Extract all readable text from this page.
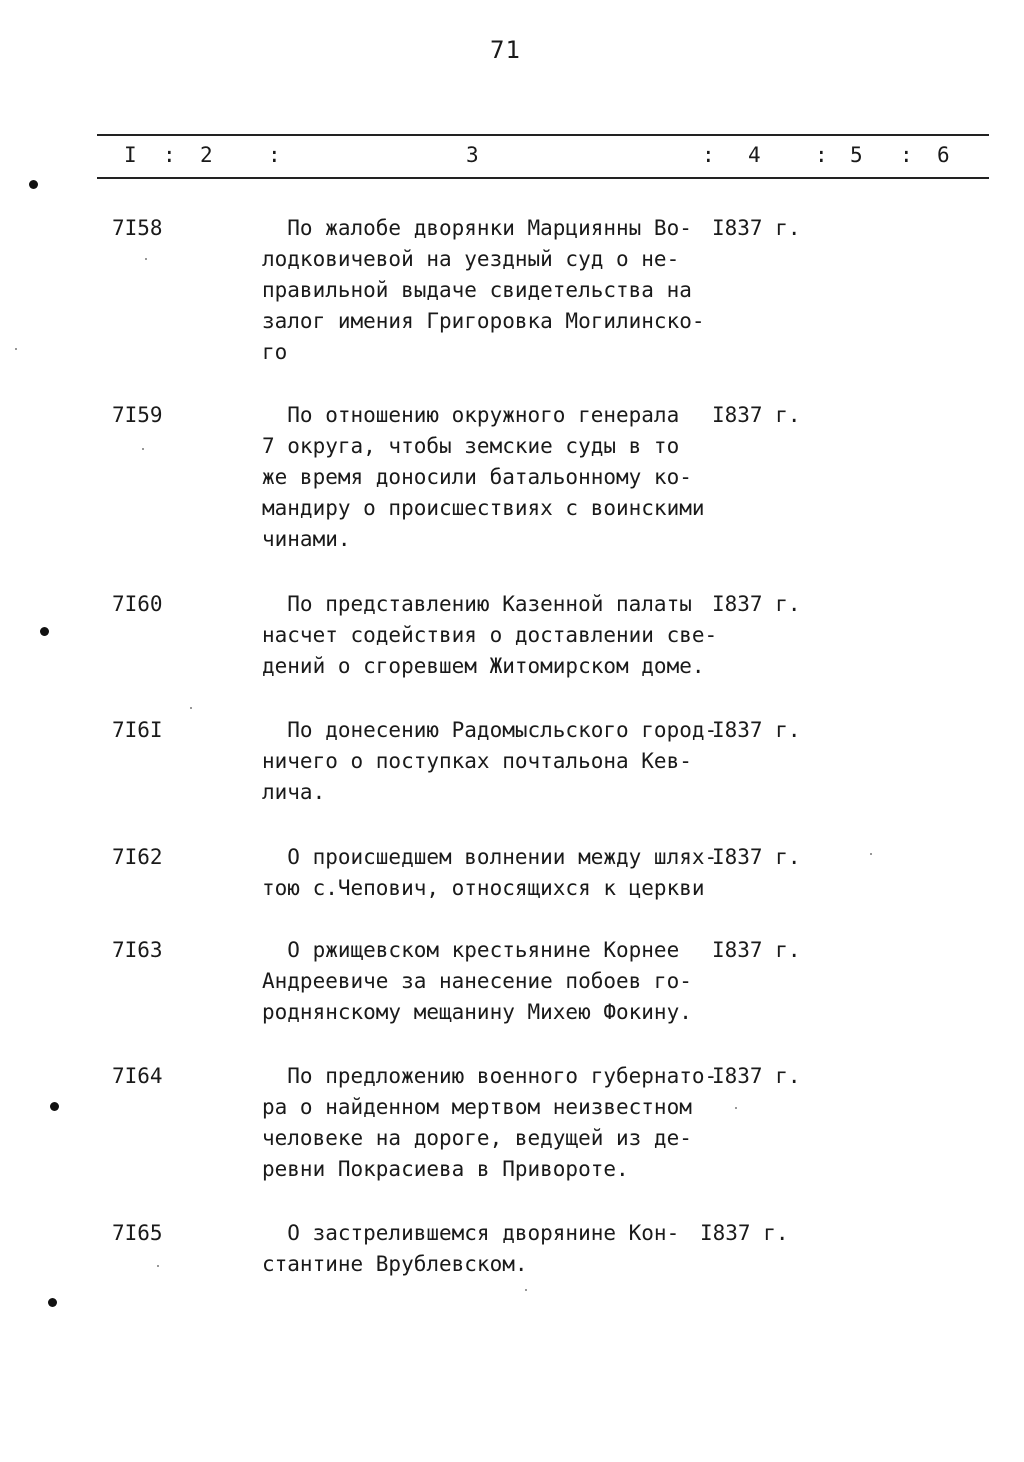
71
I : 2	:	3	: 4	: 5 : 6
7I58	По жалобе дворянки Марциянны Во-
лодковичевой на уездный суд о не-
правильной выдаче свидетельства на
залог имения Григоровка Могилинско-
го
I837 г.
7I59	По отношению окружного генерала
7 округа, чтобы земские суды в то
же время доносили батальонному ко-
мандиру о происшествиях с воинскими
чинами.
I837 г.
7I60	По представлению Казенной палаты
насчет содействия о доставлении све-
дений о сгоревшем Житомирском доме.
I837 г.
7I6I	По донесению Радомысльского город-
ничего о поступках почтальона Кев-
лича.
I837 г.
7I62	О происшедшем волнении между шлях-
тою с.Чепович, относящихся к церкви
I837 г.
7I63	О ржищевском крестьянине Корнее
Андреевиче за нанесение побоев го-
роднянскому мещанину Михею Фокину.
I837 г.
7I64	По предложению военного губернато-
ра о найденном мертвом неизвестном
человеке на дороге, ведущей из де-
ревни Покрасиева в Привороте.
I837 г.
7I65	О застрелившемся дворянине Кон-
стантине Врублевском.
I837 г.
